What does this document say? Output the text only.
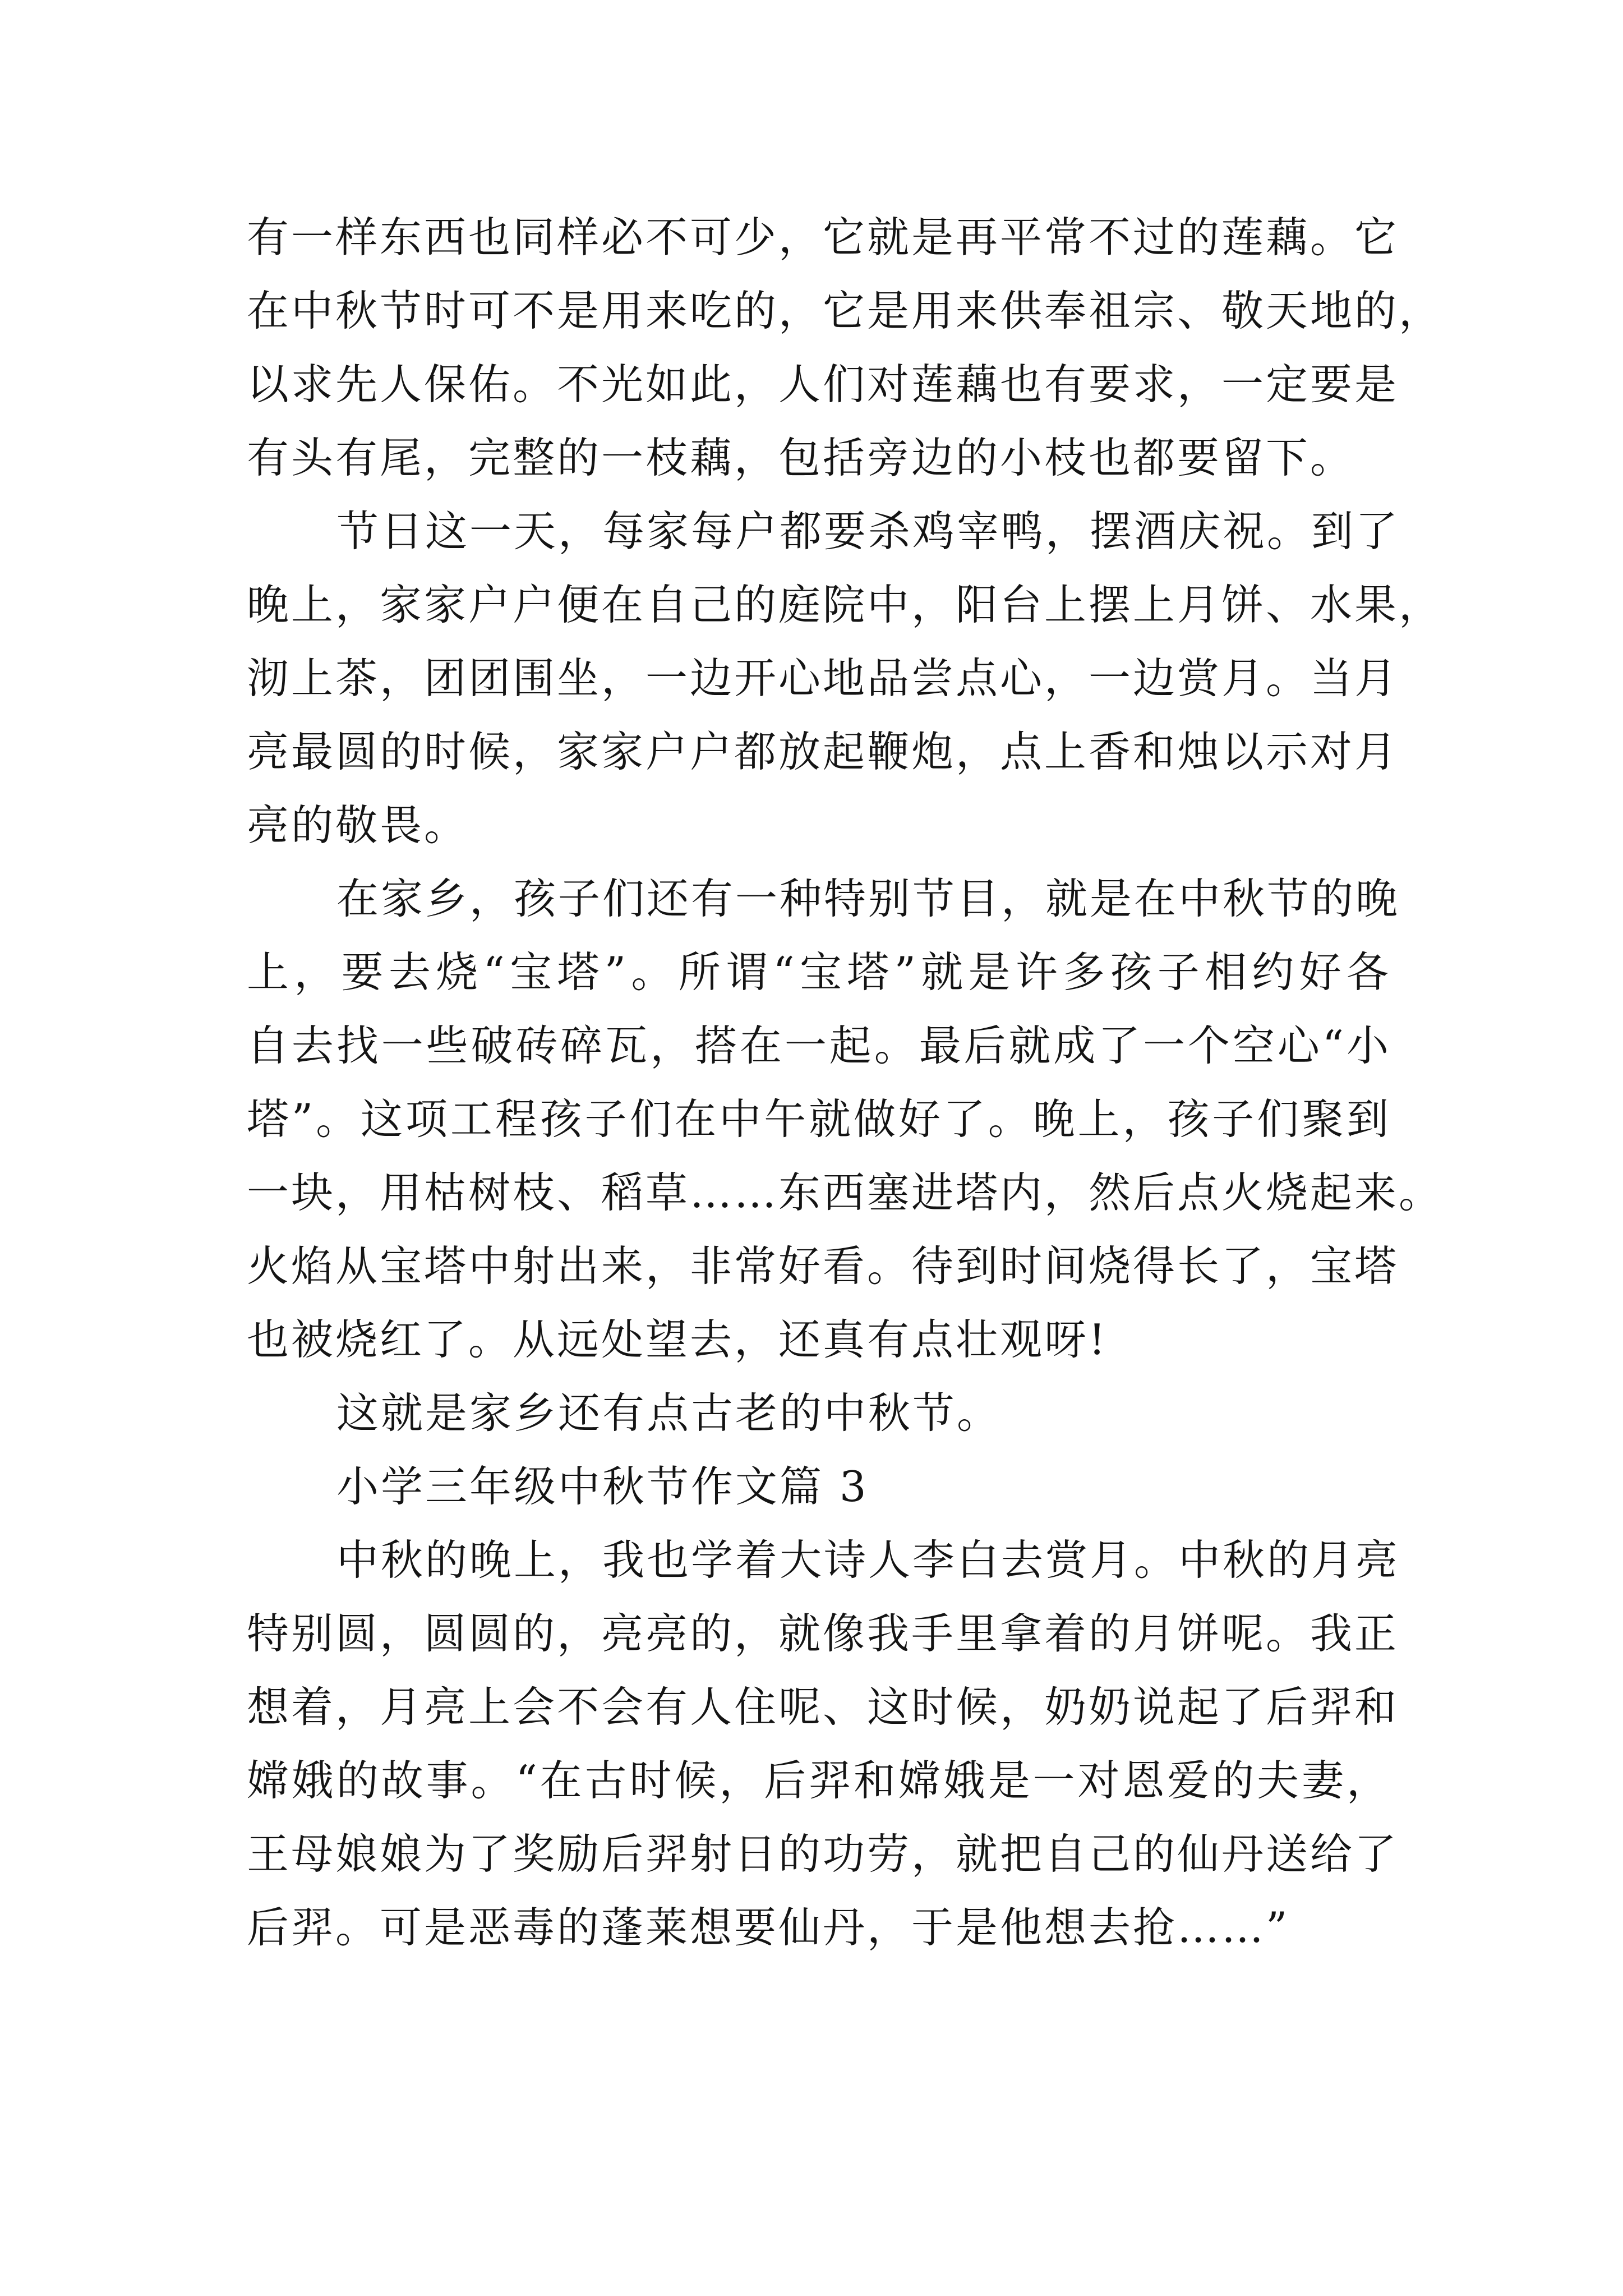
有一样东西也同样必不可少，它就是再平常不过的莲藕。它
在中秋节时可不是用来吃的，它是用来供奉祖宗、敬天地的，
以求先人保佑。不光如此，人们对莲藕也有要求，一定要是
有头有尾，完整的一枝藕，包括旁边的小枝也都要留下。
节日这一天，每家每户都要杀鸡宰鸭，摆酒庆祝。到了
晚上，家家户户便在自己的庭院中，阳台上摆上月饼、水果，
沏上茶，团团围坐，一边开心地品尝点心，一边赏月。当月
亮最圆的时候，家家户户都放起鞭炮，点上香和烛以示对月
亮的敬畏。
在家乡，孩子们还有一种特别节目，就是在中秋节的晚
上，要去烧“宝塔”。所谓“宝塔”就是许多孩子相约好各
自去找一些破砖碎瓦，搭在一起。最后就成了一个空心“小
塔”。这项工程孩子们在中午就做好了。晚上，孩子们聚到
一块，用枯树枝、稻草……东西塞进塔内，然后点火烧起来。
火焰从宝塔中射出来，非常好看。待到时间烧得长了，宝塔
也被烧红了。从远处望去，还真有点壮观呀!
这就是家乡还有点古老的中秋节。
小学三年级中秋节作文篇 3
中秋的晚上，我也学着大诗人李白去赏月。中秋的月亮
特别圆，圆圆的，亮亮的，就像我手里拿着的月饼呢。我正
想着，月亮上会不会有人住呢、这时候，奶奶说起了后羿和
嫦娥的故事。“在古时候，后羿和嫦娥是一对恩爱的夫妻，
王母娘娘为了奖励后羿射日的功劳，就把自己的仙丹送给了
后羿。可是恶毒的蓬莱想要仙丹，于是他想去抢……”
